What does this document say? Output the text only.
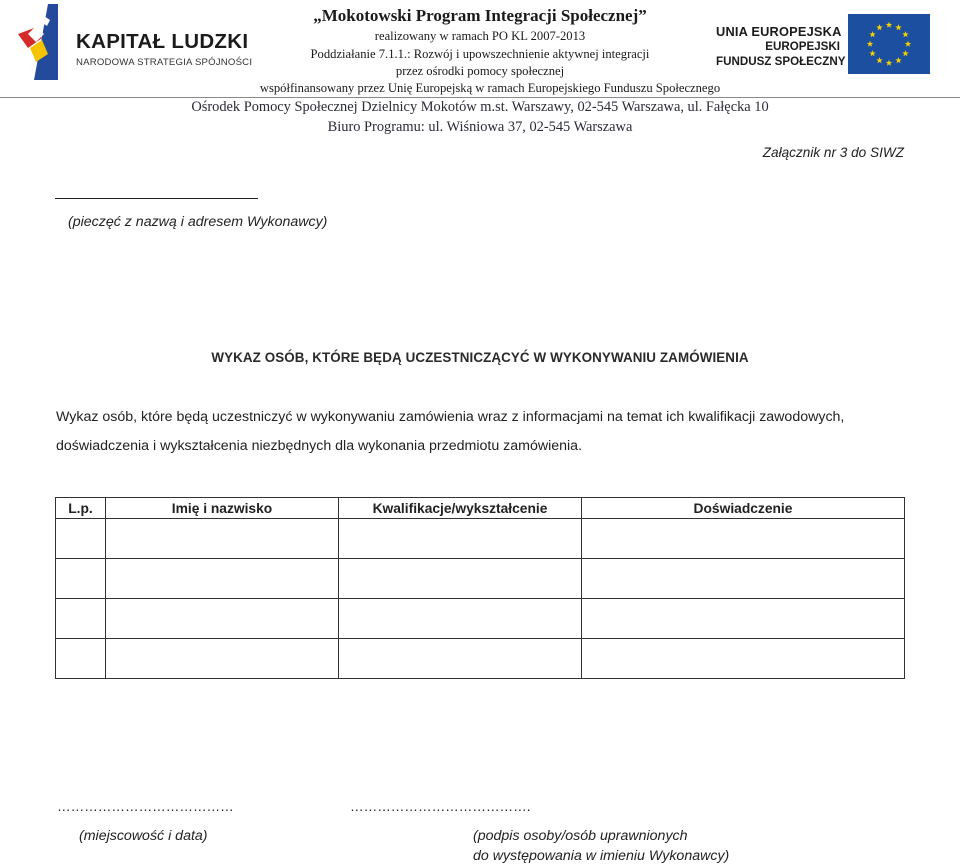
KAPITAŁ LUDZKI
NARODOWA STRATEGIA SPÓJNOŚCI
„Mokotowski Program Integracji Społecznej”
realizowany w ramach PO KL 2007-2013
Poddziałanie 7.1.1.: Rozwój i upowszechnienie aktywnej integracji
przez ośrodki pomocy społecznej
współfinansowany przez Unię Europejską w ramach Europejskiego Funduszu Społecznego
UNIA EUROPEJSKA
EUROPEJSKI
FUNDUSZ SPOŁECZNY
Ośrodek Pomocy Społecznej Dzielnicy Mokotów m.st. Warszawy, 02-545 Warszawa, ul. Fałęcka 10
Biuro Programu: ul. Wiśniowa 37, 02-545 Warszawa
Załącznik nr 3 do SIWZ
(pieczęć z nazwą i adresem Wykonawcy)
WYKAZ OSÓB, KTÓRE BĘDĄ UCZESTNICZĄCYĆ W WYKONYWANIU ZAMÓWIENIA
Wykaz osób, które będą uczestniczyć w wykonywaniu zamówienia wraz z informacjami na temat ich kwalifikacji zawodowych,
doświadczenia i wykształcenia niezbędnych dla wykonania przedmiotu zamówienia.
L.p.	Imię i nazwisko	Kwalifikacje/wykształcenie	Doświadczenie

…………………………………	………………………………….
(miejscowość i data)	(podpis osoby/osób uprawnionych
do występowania w imieniu Wykonawcy)
